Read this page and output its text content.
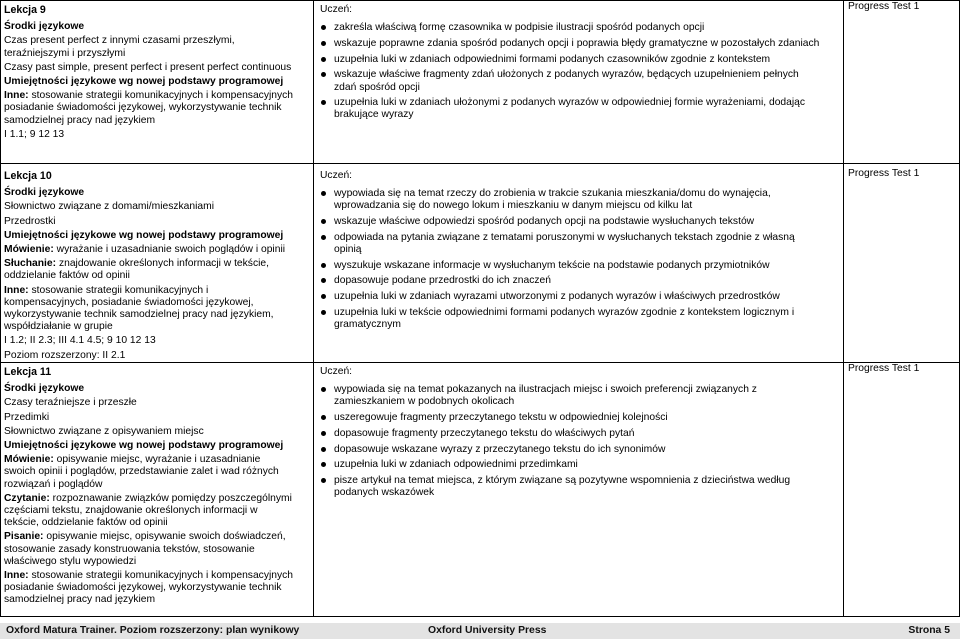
Lekcja 9
Środki językowe
Czas present perfect z innymi czasami przeszłymi, teraźniejszymi i przyszłymi
Czasy past simple, present perfect i present perfect continuous
Umiejętności językowe wg nowej podstawy programowej
Inne: stosowanie strategii komunikacyjnych i kompensacyjnych posiadanie świadomości językowej, wykorzystywanie technik samodzielnej pracy nad językiem
I 1.1; 9 12 13
Uczeń:
zakreśla właściwą formę czasownika w podpisie ilustracji spośród podanych opcji
wskazuje poprawne zdania spośród podanych opcji i poprawia błędy gramatyczne w pozostałych zdaniach
uzupełnia luki w zdaniach odpowiednimi formami podanych czasowników zgodnie z kontekstem
wskazuje właściwe fragmenty zdań ułożonych z podanych wyrazów, będących uzupełnieniem pełnych zdań spośród opcji
uzupełnia luki w zdaniach ułożonymi z podanych wyrazów w odpowiedniej formie wyrażeniami, dodając brakujące wyrazy
Progress Test 1
Lekcja 10
Środki językowe
Słownictwo związane z domami/mieszkaniami
Przedrostki
Umiejętności językowe wg nowej podstawy programowej
Mówienie: wyrażanie i uzasadnianie swoich poglądów i opinii
Słuchanie: znajdowanie określonych informacji w tekście, oddzielanie faktów od opinii
Inne: stosowanie strategii komunikacyjnych i kompensacyjnych, posiadanie świadomości językowej, wykorzystywanie technik samodzielnej pracy nad językiem, współdziałanie w grupie
I 1.2; II 2.3; III 4.1 4.5; 9 10 12 13
Poziom rozszerzony: II 2.1
Uczeń:
wypowiada się na temat rzeczy do zrobienia w trakcie szukania mieszkania/domu do wynajęcia, wprowadzania się do nowego lokum i mieszkaniu w danym miejscu od kilku lat
wskazuje właściwe odpowiedzi spośród podanych opcji na podstawie wysłuchanych tekstów
odpowiada na pytania związane z tematami poruszonymi w wysłuchanych tekstach zgodnie z własną opinią
wyszukuje wskazane informacje w wysłuchanym tekście na podstawie podanych przymiotników
dopasowuje podane przedrostki do ich znaczeń
uzupełnia luki w zdaniach wyrazami utworzonymi z podanych wyrazów i właściwych przedrostków
uzupełnia luki w tekście odpowiednimi formami podanych wyrazów zgodnie z kontekstem logicznym i gramatycznym
Progress Test 1
Lekcja 11
Środki językowe
Czasy teraźniejsze i przeszłe
Przedimki
Słownictwo związane z opisywaniem miejsc
Umiejętności językowe wg nowej podstawy programowej
Mówienie: opisywanie miejsc, wyrażanie i uzasadnianie swoich opinii i poglądów, przedstawianie zalet i wad różnych rozwiązań i poglądów
Czytanie: rozpoznawanie związków pomiędzy poszczególnymi częściami tekstu, znajdowanie określonych informacji w tekście, oddzielanie faktów od opinii
Pisanie: opisywanie miejsc, opisywanie swoich doświadczeń, stosowanie zasady konstruowania tekstów, stosowanie właściwego stylu wypowiedzi
Inne: stosowanie strategii komunikacyjnych i kompensacyjnych posiadanie świadomości językowej, wykorzystywanie technik samodzielnej pracy nad językiem
Uczeń:
wypowiada się na temat pokazanych na ilustracjach miejsc i swoich preferencji związanych z zamieszkaniem w podobnych okolicach
uszeregowuje fragmenty przeczytanego tekstu w odpowiedniej kolejności
dopasowuje fragmenty przeczytanego tekstu do właściwych pytań
dopasowuje wskazane wyrazy z przeczytanego tekstu do ich synonimów
uzupełnia luki w zdaniach odpowiednimi przedimkami
pisze artykuł na temat miejsca, z którym związane są pozytywne wspomnienia z dzieciństwa według podanych wskazówek
Progress Test 1
Oxford Matura Trainer. Poziom rozszerzony: plan wynikowy	Oxford University Press	Strona 5
